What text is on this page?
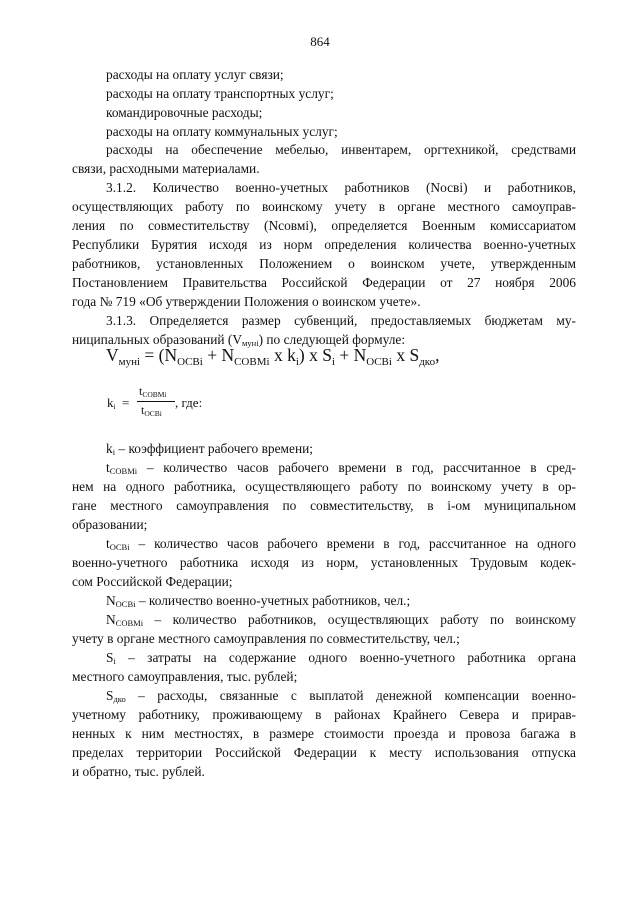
864
расходы на оплату услуг связи;
расходы на оплату транспортных услуг;
командировочные расходы;
расходы на оплату коммунальных услуг;
расходы на обеспечение мебелью, инвентарем, оргтехникой, средствами
связи, расходными материалами.
3.1.2. Количество военно-учетных работников (Nосві) и работников,
осуществляющих работу по воинскому учету в органе местного самоуправ-
ления по совместительству (Nсовмі), определяется Военным комиссариатом
Республики Бурятия исходя из норм определения количества военно-учетных
работников, установленных Положением о воинском учете, утвержденным
Постановлением Правительства Российской Федерации от 27 ноября 2006
года № 719 «Об утверждении Положения о воинском учете».
3.1.3. Определяется размер субвенций, предоставляемых бюджетам му-
ниципальных образований $(V_{муні})$ по следующей формуле:
$V_{муні} = (N_{OCBi} + N_{COBMi}$ x $k_i$) x $S_i + N_{OCBi}$ x $S_{дко}$,
$k_i$ =
$t_{COBMi}$
$t_{OCBi}$
, где:
$k_i$ – коэффициент рабочего времени;
$t_{COBMi}$ – количество часов рабочего времени в год, рассчитанное в сред-
нем на одного работника, осуществляющего работу по воинскому учету в ор-
гане местного самоуправления по совместительству, в і-ом муниципальном
образовании;
$t_{OCBi}$ – количество часов рабочего времени в год, рассчитанное на одного
военно-учетного работника исходя из норм, установленных Трудовым кодек-
сом Российской Федерации;
$N_{OCBi}$ – количество военно-учетных работников, чел.;
$N_{COBMi}$ – количество работников, осуществляющих работу по воинскому
учету в органе местного самоуправления по совместительству, чел.;
$S_i$ – затраты на содержание одного военно-учетного работника органа
местного самоуправления, тыс. рублей;
$S_{дко}$ – расходы, связанные с выплатой денежной компенсации военно-
учетному работнику, проживающему в районах Крайнего Севера и прирав-
ненных к ним местностях, в размере стоимости проезда и провоза багажа в
пределах территории Российской Федерации к месту использования отпуска
и обратно, тыс. рублей.
